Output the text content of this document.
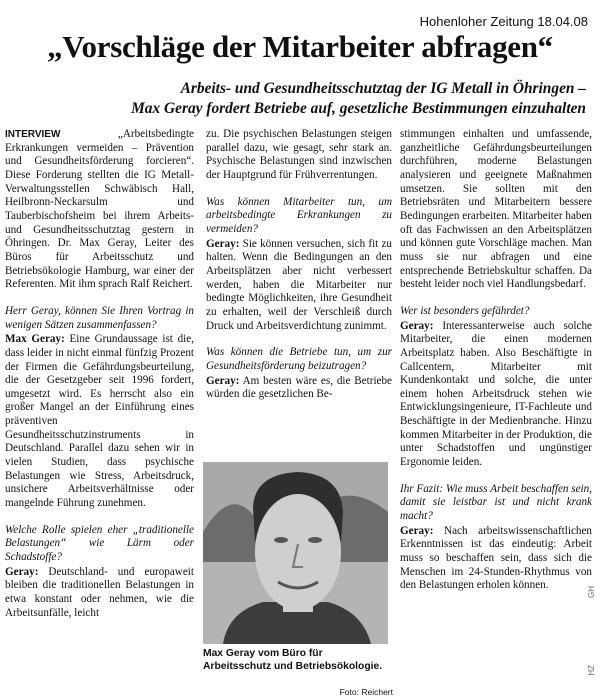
Hohenloher Zeitung 18.04.08
„Vorschläge der Mitarbeiter abfragen“
Arbeits- und Gesundheitsschutztag der IG Metall in Öhringen –
Max Geray fordert Betriebe auf, gesetzliche Bestimmungen einzuhalten

INTERVIEW	„Arbeitsbedingte Erkrankungen vermeiden – Prävention und Gesundheitsförderung forcieren“. Diese Forderung stellten die IG Metall-Verwaltungsstellen Schwäbisch Hall, Heilbronn-Neckarsulm und Tauberbischofsheim bei ihrem Arbeits- und Gesundheitsschutztag gestern in Öhringen. Dr. Max Geray, Leiter des Büros für Arbeitsschutz und Betriebsökologie Hamburg, war einer der Referenten. Mit ihm sprach Ralf Reichert.

Herr Geray, können Sie Ihren Vortrag in wenigen Sätzen zusammenfassen?

Max Geray: Eine Grundaussage ist die, dass leider in nicht einmal fünfzig Prozent der Firmen die Gefährdungsbeurteilung, die der Gesetzgeber seit 1996 fordert, umgesetzt wird. Es herrscht also ein großer Mangel an der Einführung eines präventiven Gesundheitsschutzinstruments in Deutschland. Parallel dazu sehen wir in vielen Studien, dass psychische Belastungen wie Stress, Arbeitsdruck, unsichere Arbeitsverhältnisse oder mangelnde Führung zunehmen.

Welche Rolle spielen eher „traditionelle Belastungen“ wie Lärm oder Schadstoffe?

Geray: Deutschland- und europaweit bleiben die traditionellen Belastungen in etwa konstant oder nehmen, wie die Arbeitsunfälle, leicht

zu. Die psychischen Belastungen steigen parallel dazu, wie gesagt, sehr stark an. Psychische Belastungen sind inzwischen der Hauptgrund für Frühverrentungen.

Was können Mitarbeiter tun, um arbeitsbedingte Erkrankungen zu vermeiden?

Geray: Sie können versuchen, sich fit zu halten. Wenn die Bedingungen an den Arbeitsplätzen aber nicht verbessert werden, haben die Mitarbeiter nur bedingte Möglichkeiten, ihre Gesundheit zu erhalten, weil der Verschleiß durch Druck und Arbeitsverdichtung zunimmt.

Was können die Betriebe tun, um zur Gesundheitsförderung beizutragen?

Geray: Am besten wäre es, die Betriebe würden die gesetzlichen Be-

Max Geray vom Büro für Arbeitsschutz und Betriebsökologie.
Foto: Reichert

stimmungen einhalten und umfassende, ganzheitliche Gefährdungsbeurteilungen durchführen, moderne Belastungen analysieren und geeignete Maßnahmen umsetzen. Sie sollten mit den Betriebsräten und Mitarbeitern bessere Bedingungen erarbeiten. Mitarbeiter haben oft das Fachwissen an den Arbeitsplätzen und können gute Vorschläge machen. Man muss sie nur abfragen und eine entsprechende Betriebskultur schaffen. Da besteht leider noch viel Handlungsbedarf.

Wer ist besonders gefährdet?

Geray: Interessanterweise auch solche Mitarbeiter, die einen modernen Arbeitsplatz haben. Also Beschäftigte in Callcentern, Mitarbeiter mit Kundenkontakt und solche, die unter einem hohen Arbeitsdruck stehen wie Entwicklungsingenieure, IT-Fachleute und Beschäftigte in der Medienbranche. Hinzu kommen Mitarbeiter in der Produktion, die unter Schadstoffen und ungünstiger Ergonomie leiden.

Ihr Fazit: Wie muss Arbeit beschaffen sein, damit sie leistbar ist und nicht krank macht?

Geray: Nach arbeitswissenschaftlichen Erkenntnissen ist das eindeutig: Arbeit muss so beschaffen sein, dass sich die Menschen im 24-Stunden-Rhythmus von den Belastungen erholen können.

GH
HZ
